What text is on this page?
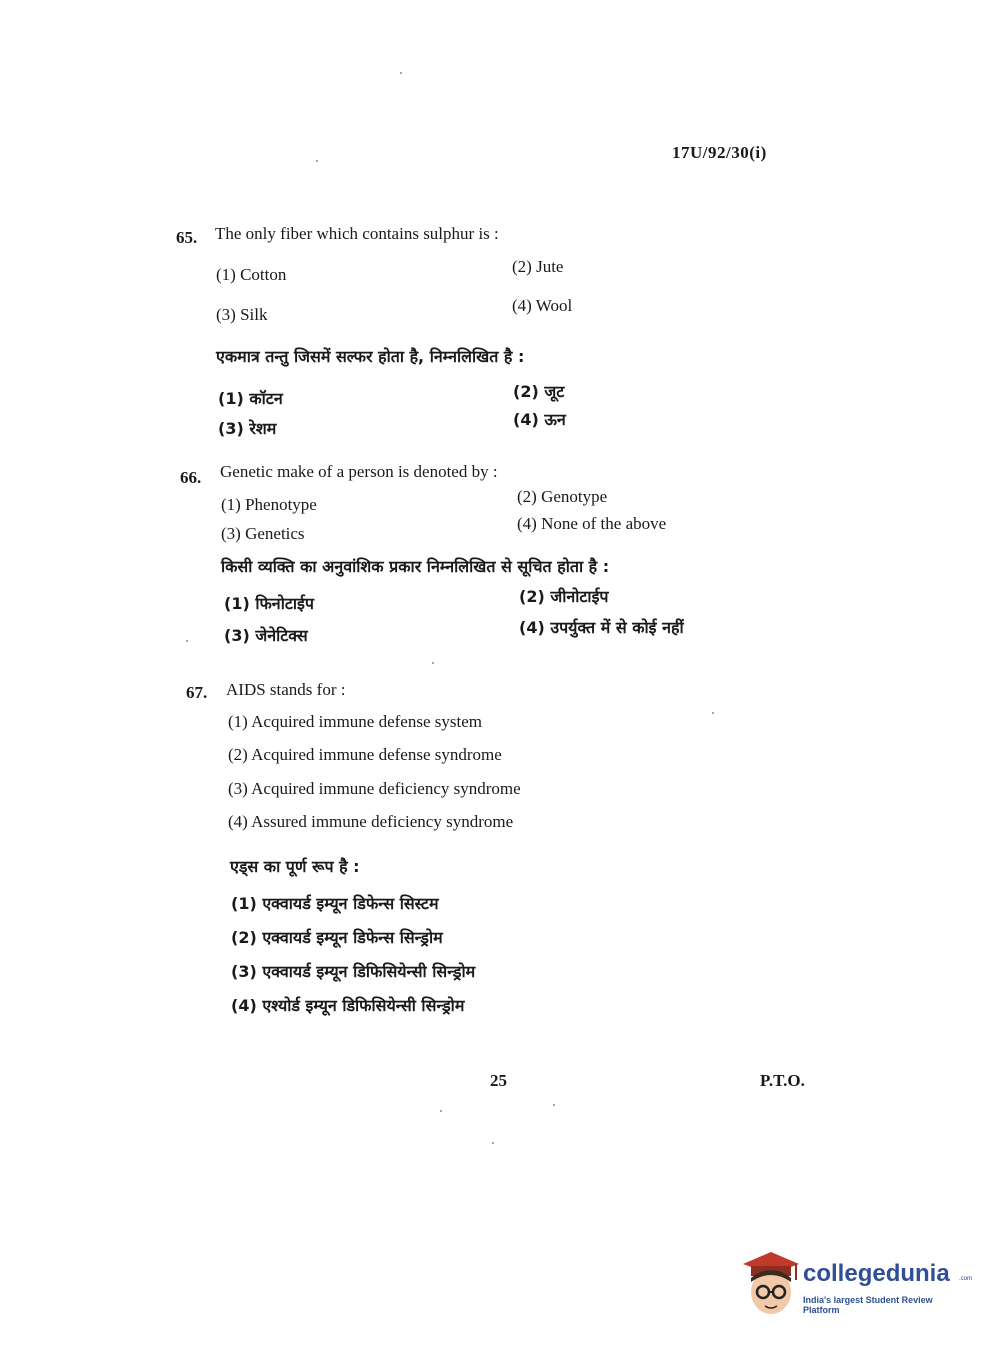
17U/92/30(i)
65. The only fiber which contains sulphur is :
(1) Cotton	(2) Jute
(3) Silk	(4) Wool
एकमात्र तन्तु जिसमें सल्फर होता है, निम्नलिखित है :
(1) कॉटन	(2) जूट
(3) रेशम	(4) ऊन
66. Genetic make of a person is denoted by :
(1) Phenotype	(2) Genotype
(3) Genetics
(4) None of the above
किसी व्यक्ति का अनुवांशिक प्रकार निम्नलिखित से सूचित होता है :
(1) फिनोटाईप	(2) जीनोटाईप
(3) जेनेटिक्स	(4) उपर्युक्त में से कोई नहीं
67. AIDS stands for :
(1) Acquired immune defense system
(2) Acquired immune defense syndrome
(3) Acquired immune deficiency syndrome
(4) Assured immune deficiency syndrome
एड्स का पूर्ण रूप है :
(1) एक्वायर्ड इम्यून डिफेन्स सिस्टम
(2) एक्वायर्ड इम्यून डिफेन्स सिन्ड्रोम
(3) एक्वायर्ड इम्यून डिफिसियेन्सी सिन्ड्रोम
(4) एश्योर्ड इम्यून डिफिसियेन्सी सिन्ड्रोम
25	P.T.O.
collegedunia .com
India's largest Student Review Platform
